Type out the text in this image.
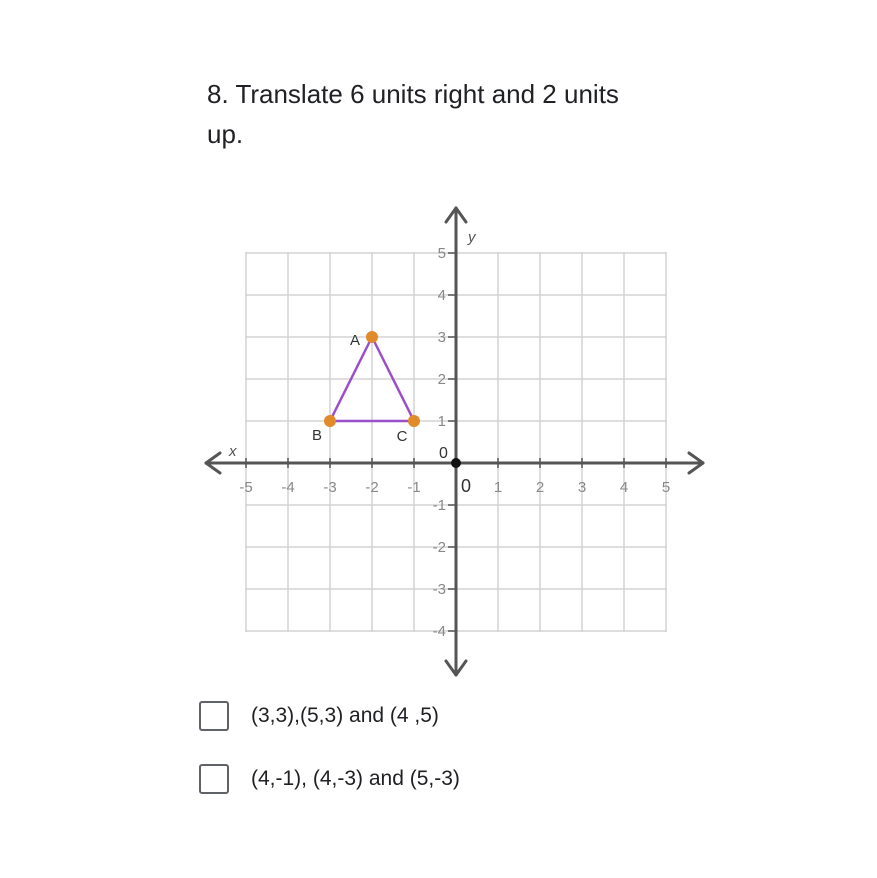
8. Translate 6 units right and 2 units up.
x
y
0
-5 -4 -3 -2 -1 0 1 2 3 4 5
5
4
3
2
1
-1
-2
-3
-4
A
B	C
(3,3),(5,3) and (4 ,5)
(4,-1), (4,-3) and (5,-3)
